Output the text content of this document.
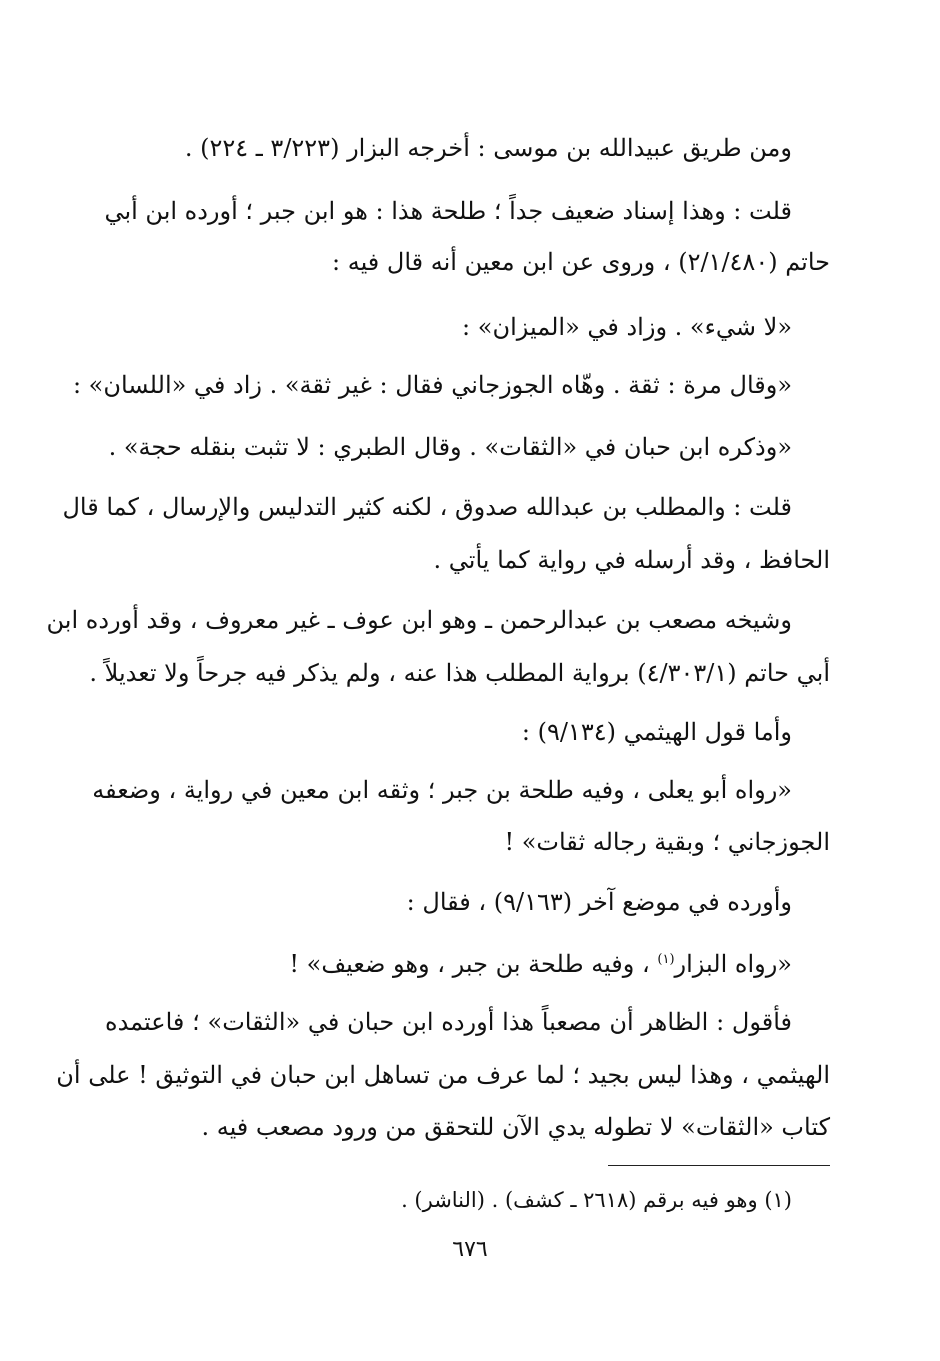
ومن طريق عبيدالله بن موسى : أخرجه البزار (٣/٢٢٣ ـ ٢٢٤) .
قلت : وهذا إسناد ضعيف جداً ؛ طلحة هذا : هو ابن جبر ؛ أورده ابن أبي
حاتم (٢/١/٤٨٠) ، وروى عن ابن معين أنه قال فيه :
«لا شيء» . وزاد في «الميزان» :
«وقال مرة : ثقة . وهّاه الجوزجاني فقال : غير ثقة» . زاد في «اللسان» :
«وذكره ابن حبان في «الثقات» . وقال الطبري : لا تثبت بنقله حجة» .
قلت : والمطلب بن عبدالله صدوق ، لكنه كثير التدليس والإرسال ، كما قال
الحافظ ، وقد أرسله في رواية كما يأتي .
وشيخه مصعب بن عبدالرحمن ـ وهو ابن عوف ـ غير معروف ، وقد أورده ابن
أبي حاتم (٤/٣٠٣/١) برواية المطلب هذا عنه ، ولم يذكر فيه جرحاً ولا تعديلاً .
وأما قول الهيثمي (٩/١٣٤) :
«رواه أبو يعلى ، وفيه طلحة بن جبر ؛ وثقه ابن معين في رواية ، وضعفه
الجوزجاني ؛ وبقية رجاله ثقات» !
وأورده في موضع آخر (٩/١٦٣) ، فقال :
«رواه البزار$^{(١)}$ ، وفيه طلحة بن جبر ، وهو ضعيف» !
فأقول : الظاهر أن مصعباً هذا أورده ابن حبان في «الثقات» ؛ فاعتمده
الهيثمي ، وهذا ليس بجيد ؛ لما عرف من تساهل ابن حبان في التوثيق ! على أن
كتاب «الثقات» لا تطوله يدي الآن للتحقق من ورود مصعب فيه .
(١) وهو فيه برقم (٢٦١٨ ـ كشف) . (الناشر) .
٦٧٦
